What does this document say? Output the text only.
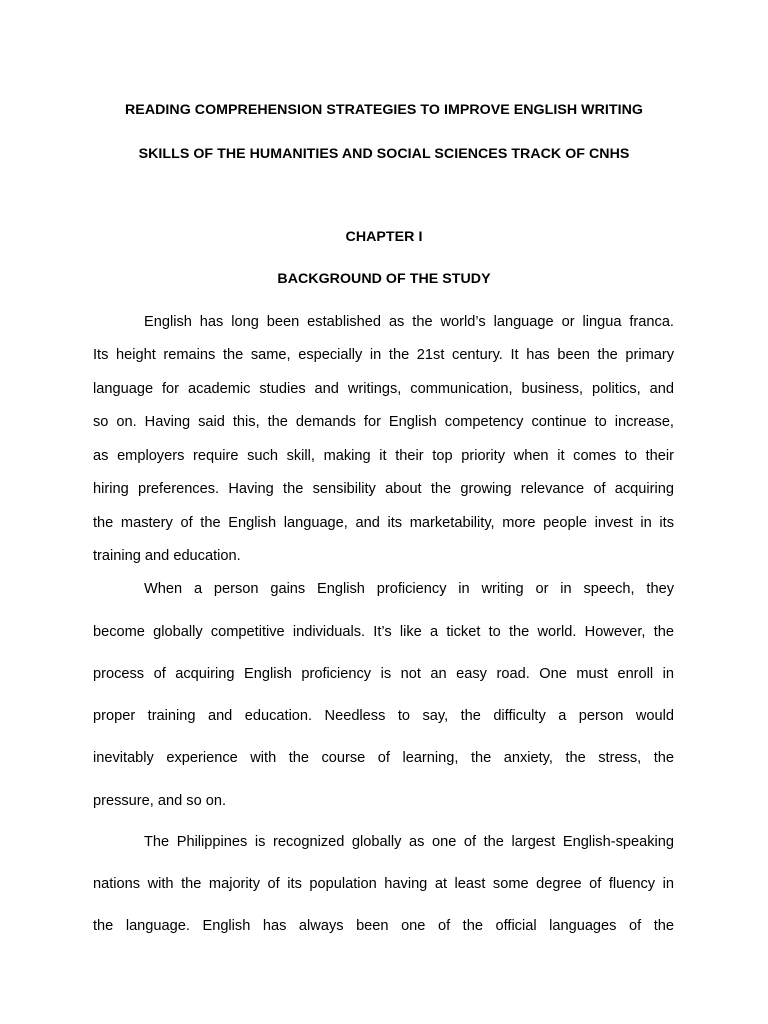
READING COMPREHENSION STRATEGIES TO IMPROVE ENGLISH WRITING

SKILLS OF THE HUMANITIES AND SOCIAL SCIENCES TRACK OF CNHS

CHAPTER I

BACKGROUND OF THE STUDY

English has long been established as the world’s language or lingua franca.

Its height remains the same, especially in the 21st century. It has been the primary

language for academic studies and writings, communication, business, politics, and

so on. Having said this, the demands for English competency continue to increase,

as employers require such skill, making it their top priority when it comes to their

hiring preferences. Having the sensibility about the growing relevance of acquiring

the mastery of the English language, and its marketability, more people invest in its

training and education.

When a person gains English proficiency in writing or in speech, they

become globally competitive individuals. It’s like a ticket to the world. However, the

process of acquiring English proficiency is not an easy road. One must enroll in

proper training and education. Needless to say, the difficulty a person would

inevitably experience with the course of learning, the anxiety, the stress, the

pressure, and so on.

The Philippines is recognized globally as one of the largest English-speaking

nations with the majority of its population having at least some degree of fluency in

the language. English has always been one of the official languages of the
